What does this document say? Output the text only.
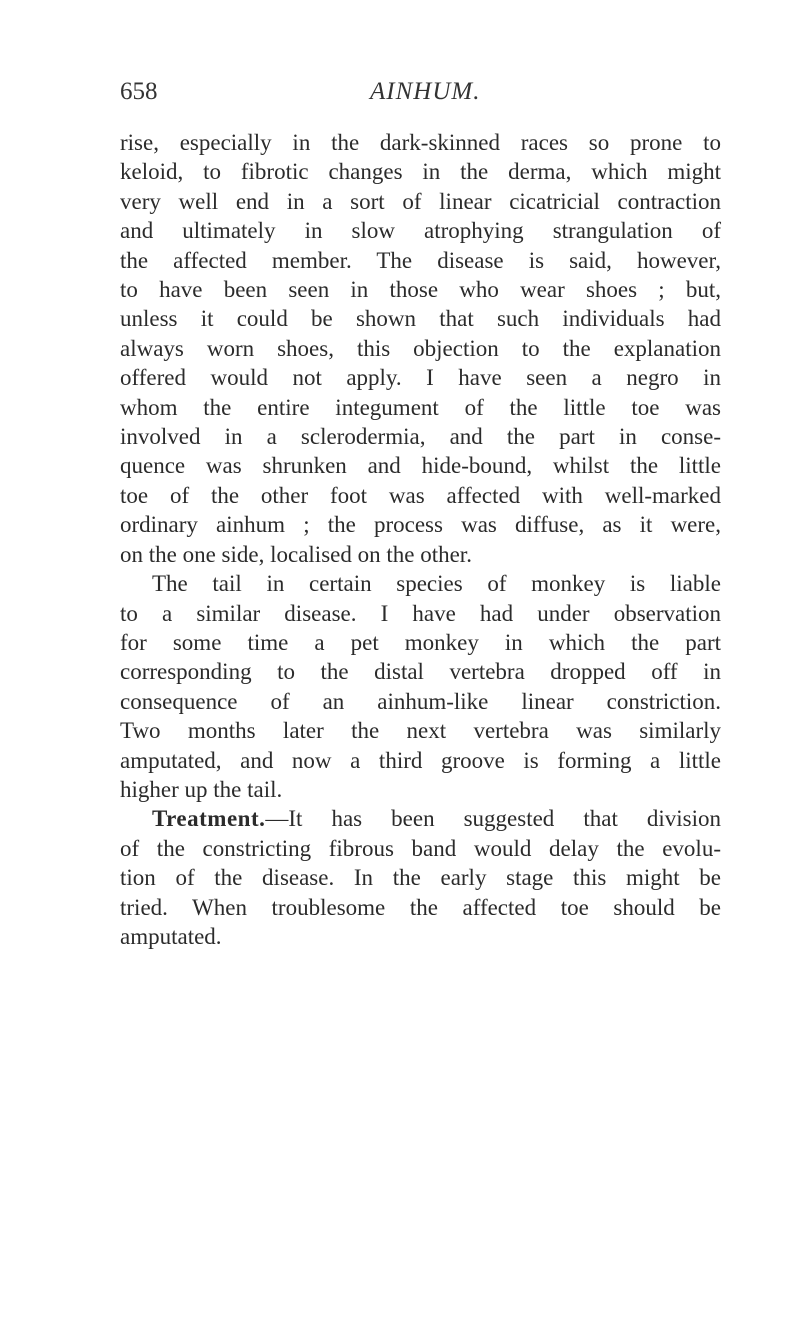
658	AINHUM.
rise, especially in the dark-skinned races so prone to
keloid, to fibrotic changes in the derma, which might
very well end in a sort of linear cicatricial contraction
and ultimately in slow atrophying strangulation of
the affected member. The disease is said, however,
to have been seen in those who wear shoes ; but,
unless it could be shown that such individuals had
always worn shoes, this objection to the explanation
offered would not apply. I have seen a negro in
whom the entire integument of the little toe was
involved in a sclerodermia, and the part in conse-
quence was shrunken and hide-bound, whilst the little
toe of the other foot was affected with well-marked
ordinary ainhum ; the process was diffuse, as it were,
on the one side, localised on the other.
The tail in certain species of monkey is liable
to a similar disease. I have had under observation
for some time a pet monkey in which the part
corresponding to the distal vertebra dropped off in
consequence of an ainhum-like linear constriction.
Two months later the next vertebra was similarly
amputated, and now a third groove is forming a little
higher up the tail.
Treatment.—It has been suggested that division
of the constricting fibrous band would delay the evolu-
tion of the disease. In the early stage this might be
tried. When troublesome the affected toe should be
amputated.
